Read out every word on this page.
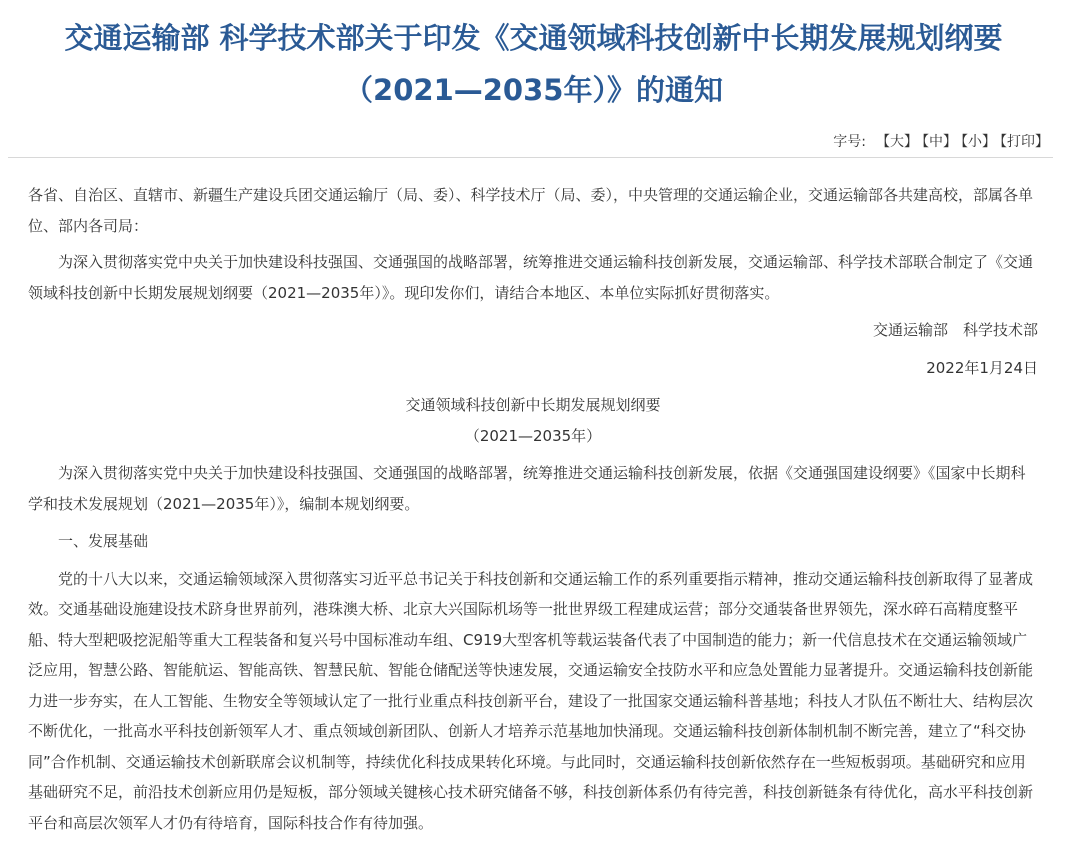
交通运输部 科学技术部关于印发《交通领域科技创新中长期发展规划纲要
（2021—2035年）》的通知
字号: 【大】 【中】 【小】 【打印】

各省、自治区、直辖市、新疆生产建设兵团交通运输厅（局、委）、科学技术厅（局、委），中央管理的交通运输企业，交通运输部各共建高校，部属各单位、部内各司局：

为深入贯彻落实党中央关于加快建设科技强国、交通强国的战略部署，统筹推进交通运输科技创新发展，交通运输部、科学技术部联合制定了《交通领域科技创新中长期发展规划纲要（2021—2035年）》。现印发你们，请结合本地区、本单位实际抓好贯彻落实。

交通运输部　科学技术部

2022年1月24日

交通领域科技创新中长期发展规划纲要

（2021—2035年）

为深入贯彻落实党中央关于加快建设科技强国、交通强国的战略部署，统筹推进交通运输科技创新发展，依据《交通强国建设纲要》《国家中长期科学和技术发展规划（2021—2035年）》，编制本规划纲要。

一、发展基础

党的十八大以来，交通运输领域深入贯彻落实习近平总书记关于科技创新和交通运输工作的系列重要指示精神，推动交通运输科技创新取得了显著成效。交通基础设施建设技术跻身世界前列，港珠澳大桥、北京大兴国际机场等一批世界级工程建成运营；部分交通装备世界领先，深水碎石高精度整平船、特大型耙吸挖泥船等重大工程装备和复兴号中国标准动车组、C919大型客机等载运装备代表了中国制造的能力；新一代信息技术在交通运输领域广泛应用，智慧公路、智能航运、智能高铁、智慧民航、智能仓储配送等快速发展，交通运输安全技防水平和应急处置能力显著提升。交通运输科技创新能力进一步夯实，在人工智能、生物安全等领域认定了一批行业重点科技创新平台，建设了一批国家交通运输科普基地；科技人才队伍不断壮大、结构层次不断优化，一批高水平科技创新领军人才、重点领域创新团队、创新人才培养示范基地加快涌现。交通运输科技创新体制机制不断完善，建立了“科交协同”合作机制、交通运输技术创新联席会议机制等，持续优化科技成果转化环境。与此同时，交通运输科技创新依然存在一些短板弱项。基础研究和应用基础研究不足，前沿技术创新应用仍是短板，部分领域关键核心技术研究储备不够，科技创新体系仍有待完善，科技创新链条有待优化，高水平科技创新平台和高层次领军人才仍有待培育，国际科技合作有待加强。
